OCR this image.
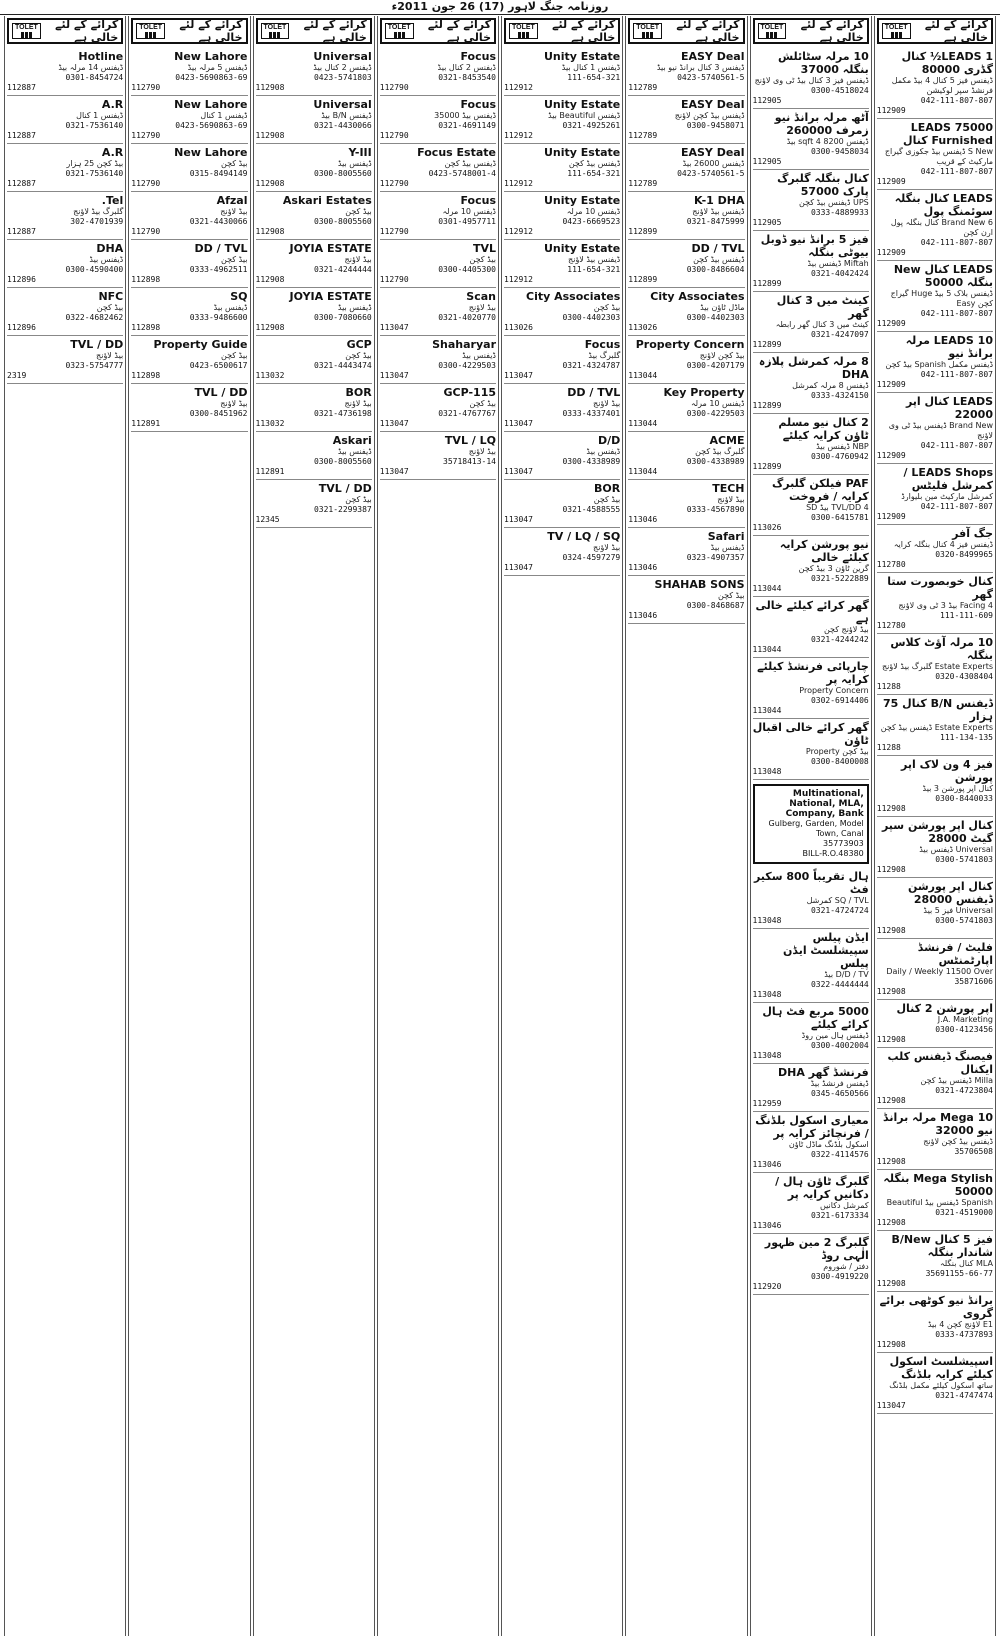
روزنامہ جنگ لاہور (17) 26 جون 2011ء
کرائے کے لئے خالی ہے
TOLET
LEADS 1½ کنال گڈری 80000
ڈیفنس فیز 5 کنال 4 بیڈ مکمل فرنشڈ سپر لوکیشن
042-111-807-807
112909
LEADS 75000 Furnished کنال
S New ڈیفنس بیڈ جکوزی گیراج مارکیٹ کے قریب
042-111-807-807
112909
LEADS کنال بنگلہ سوئمنگ پول
6 Brand New کنال بنگلہ پول ارن کچن
042-111-807-807
112909
LEADS کنال New بنگلہ 50000
ڈیفنس بلاک 5 بیڈ Huge گیراج کچن Easy
042-111-807-807
112909
LEADS 10 مرلہ برانڈ نیو
ڈیفنس مکمل Spanish بیڈ کچن
042-111-807-807
112909
LEADS کنال اپر 22000
Brand New ڈیفنس بیڈ ٹی وی لاؤنج
042-111-807-807
112909
LEADS Shops / کمرشل فلیٹس
کمرشل مارکیٹ مین بلیوارڈ
042-111-807-807
112909
جگ آفر
ڈیفنس فیز 4 کنال بنگلہ کرایہ
0320-8499965
112780
کنال خوبصورت ستا گھر
Facing 4 بیڈ 3 ٹی وی لاؤنج
111-111-609
112780
10 مرلہ آؤٹ کلاس بنگلہ
Estate Experts گلبرگ بیڈ لاؤنج
0320-4308404
11288
ڈیفنس B/N کنال 75 ہزار
Estate Experts ڈیفنس بیڈ کچن
111-134-135
11288
فیز 4 ون لاک اپر پورشن
کنال اپر پورشن 3 بیڈ
0300-8440033
112908
کنال اپر پورشن سپر گیٹ 28000
Universal ڈیفنس بیڈ
0300-5741803
112908
کنال اپر پورشن ڈیفنس 28000
Universal فیز 5 بیڈ
0300-5741803
112908
فلیٹ / فرنشڈ اپارٹمنٹس
Daily / Weekly 11500 Over
35871606
112908
اپر پورشن 2 کنال
J.A. Marketing
0300-4123456
112908
فیصنگ ڈیفنس کلب ایکنال
Milla ڈیفنس بیڈ کچن
0321-4723804
112908
Mega 10 مرلہ برانڈ نیو 32000
ڈیفنس بیڈ کچن لاؤنج
35706508
112908
Mega Stylish بنگلہ 50000
Spanish ڈیفنس بیڈ Beautiful
0321-4519000
112908
فیز 5 کنال B/New شاندار بنگلہ
MLA کنال بنگلہ
35691155-66-77
112908
برانڈ نیو کوٹھی برائے گروی
E1 لاؤنج کچن 4 بیڈ
0333-4737893
112908
اسپیشلسٹ اسکول کیلئے کرایہ بلڈنگ
ساتھ اسکول کیلئے مکمل بلڈنگ
0321-4747474
113047
کرائے کے لئے خالی ہے
TOLET
10 مرلہ سٹائلش بنگلہ 37000
ڈیفنس فیز 3 کنال بیڈ ٹی وی لاؤنج
0300-4518024
112905
آٹھ مرلہ برانڈ نیو زمرف 260000
ڈیفنس 8200 sqft 4 بیڈ
0300-9458034
112905
کنال بنگلہ گلبرگ پارک 57000
UPS ڈیفنس بیڈ کچن
0333-4889933
112905
فیز 5 برانڈ نیو ڈوبل بیوٹی بنگلہ
Miftah ڈیفنس بیڈ
0321-4042424
112899
کینٹ میں 3 کنال گھر
کینٹ میں 3 کنال گھر رابطہ
0321-4247097
112899
8 مرلہ کمرشل پلازہ DHA
ڈیفنس 8 مرلہ کمرشل
0333-4324150
112899
2 کنال نیو مسلم ٹاؤن کرایہ کیلئے
NBP ڈیفنس بیڈ
0300-4760942
112899
PAF فیلکن گلبرگ کرایہ / فروخت
TVL/DD 4 بیڈ SD
0300-6415781
113026
نیو پورشن کرایہ کیلئے خالی
گرین ٹاؤن 3 بیڈ کچن
0321-5222889
113044
گھر کرائے کیلئے خالی ہے
بیڈ لاؤنج کچن
0321-4244242
113044
چارپائی فرنشڈ کیلئے کرایہ پر
Property Concern
0302-6914406
113044
گھر کرائے خالی اقبال ٹاؤن
بیڈ کچن Property
0300-8400008
113048
Multinational, National, MLA, Company, Bank
Gulberg, Garden, Model Town, Canal
35773903
BILL-R.O.48380
ہال تقریباً 800 سکیر فٹ
SQ / TVL کمرشل
0321-4724724
113048
ایڈن پیلس سپیشلسٹ ایڈن پیلس
D/D / TV بیڈ
0322-4444444
113048
5000 مربع فٹ ہال کرائے کیلئے
ڈیفنس ہال مین روڈ
0300-4002004
113048
فرنشڈ گھر DHA
ڈیفنس فرنشڈ بیڈ
0345-4650566
112959
معیاری اسکول بلڈنگ / فرنچائز کرایہ پر
اسکول بلڈنگ ماڈل ٹاؤن
0322-4114576
113046
گلبرگ ٹاؤن ہال / دکانیں کرایہ پر
کمرشل دکانیں
0321-6173334
113046
گلبرگ 2 مین ظہور الٰہی روڈ
دفتر / شوروم
0300-4919220
112920
کرائے کے لئے خالی ہے
TOLET
EASY Deal
ڈیفنس 3 کنال برانڈ نیو بیڈ
0423-5740561-5
112789
EASY Deal
ڈیفنس بیڈ کچن لاؤنج
0300-9458071
112789
EASY Deal
ڈیفنس 26000 بیڈ
0423-5740561-5
112789
K-1 DHA
ڈیفنس بیڈ لاؤنج
0321-8475999
112899
DD / TVL
ڈیفنس بیڈ کچن
0300-8486604
112899
City Associates
ماڈل ٹاؤن بیڈ
0300-4402303
113026
Property Concern
بیڈ کچن لاؤنج
0300-4207179
113044
Key Property
ڈیفنس 10 مرلہ
0300-4229503
113044
ACME
گلبرگ بیڈ کچن
0300-4338989
113044
TECH
بیڈ لاؤنج
0333-4567890
113046
Safari
ڈیفنس بیڈ
0323-4907357
113046
SHAHAB SONS
بیڈ کچن
0300-8468687
113046
کرائے کے لئے خالی ہے
TOLET
Unity Estate
ڈیفنس 1 کنال بیڈ
111-654-321
112912
Unity Estate
ڈیفنس Beautiful بیڈ
0321-4925261
112912
Unity Estate
ڈیفنس بیڈ کچن
111-654-321
112912
Unity Estate
ڈیفنس 10 مرلہ
0423-6669523
112912
Unity Estate
ڈیفنس بیڈ لاؤنج
111-654-321
112912
City Associates
بیڈ کچن
0300-4402303
113026
Focus
گلبرگ بیڈ
0321-4324787
113047
DD / TVL
بیڈ لاؤنج
0333-4337401
113047
D/D
ڈیفنس بیڈ
0300-4338989
113047
BOR
بیڈ کچن
0321-4588555
113047
TV / LQ / SQ
بیڈ لاؤنج
0324-4597279
113047
کرائے کے لئے خالی ہے
TOLET
Focus
ڈیفنس 2 کنال بیڈ
0321-8453540
112790
Focus
ڈیفنس بیڈ 35000
0321-4691149
112790
Focus Estate
ڈیفنس بیڈ کچن
0423-5748001-4
112790
Focus
ڈیفنس 10 مرلہ
0301-4957711
112790
TVL
بیڈ کچن
0300-4405300
112790
Scan
بیڈ لاؤنج
0321-4020770
113047
Shaharyar
ڈیفنس بیڈ
0300-4229503
113047
GCP-115
بیڈ کچن
0321-4767767
113047
TVL / LQ
بیڈ لاؤنج
35718413-14
113047
کرائے کے لئے خالی ہے
TOLET
Universal
ڈیفنس 2 کنال بیڈ
0423-5741803
112908
Universal
ڈیفنس B/N بیڈ
0321-4430066
112908
Y-III
ڈیفنس بیڈ
0300-8005560
112908
Askari Estates
بیڈ کچن
0300-8005560
112908
JOYIA ESTATE
بیڈ لاؤنج
0321-4244444
112908
JOYIA ESTATE
ڈیفنس بیڈ
0300-7080660
112908
GCP
بیڈ کچن
0321-4443474
113032
BOR
بیڈ لاؤنج
0321-4736198
113032
Askari
ڈیفنس بیڈ
0300-8005560
112891
TVL / DD
بیڈ کچن
0321-2299387
12345
کرائے کے لئے خالی ہے
TOLET
New Lahore
ڈیفنس 5 مرلہ بیڈ
0423-5690863-69
112790
New Lahore
ڈیفنس 1 کنال
0423-5690863-69
112790
New Lahore
بیڈ کچن
0315-8494149
112790
Afzal
بیڈ لاؤنج
0321-4430066
112790
DD / TVL
بیڈ کچن
0333-4962511
112898
SQ
ڈیفنس بیڈ
0333-9486600
112898
Property Guide
بیڈ کچن
0423-6500617
112898
TVL / DD
بیڈ لاؤنج
0300-8451962
112891
کرائے کے لئے خالی ہے
TOLET
Hotline
ڈیفنس 14 مرلہ بیڈ
0301-8454724
112887
A.R
ڈیفنس 1 کنال
0321-7536140
112887
A.R
بیڈ کچن 25 ہزار
0321-7536140
112887
Tel.
گلبرگ بیڈ لاؤنج
302-4701939
112887
DHA
ڈیفنس بیڈ
0300-4590400
112896
NFC
بیڈ کچن
0322-4682462
112896
TVL / DD
بیڈ لاؤنج
0323-5754777
2319
